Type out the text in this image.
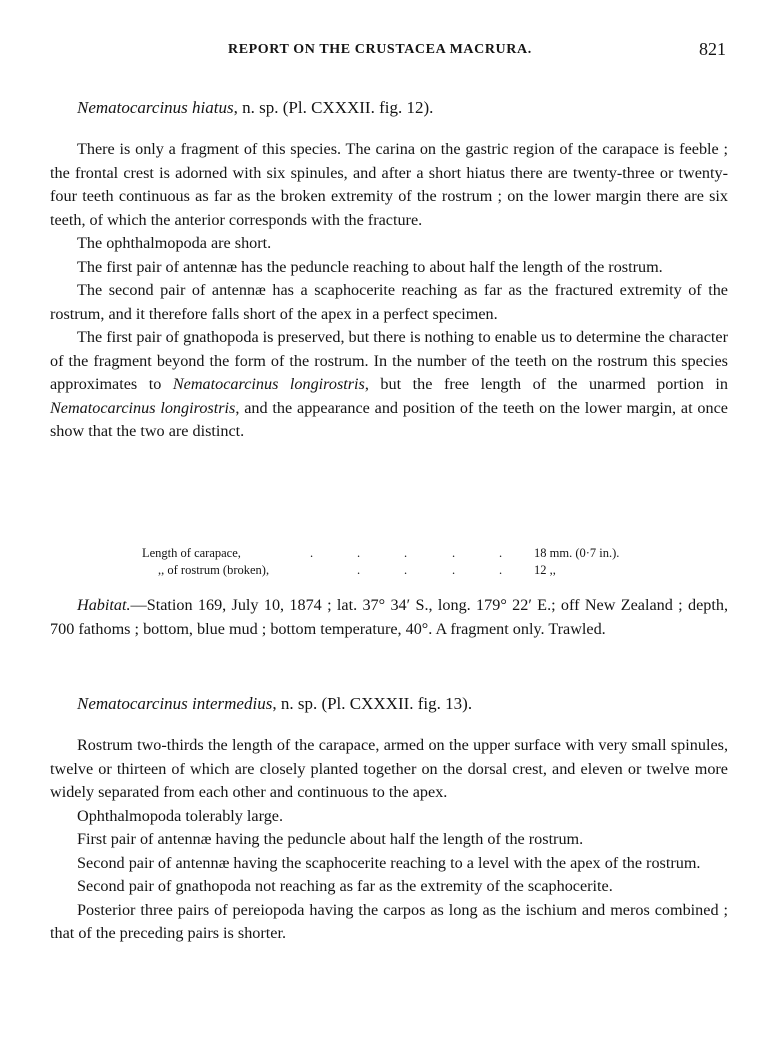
REPORT ON THE CRUSTACEA MACRURA.	821
Nematocarcinus hiatus, n. sp. (Pl. CXXXII. fig. 12).

There is only a fragment of this species. The carina on the gastric region of the carapace is feeble ; the frontal crest is adorned with six spinules, and after a short hiatus there are twenty-three or twenty-four teeth continuous as far as the broken extremity of the rostrum ; on the lower margin there are six teeth, of which the anterior corresponds with the fracture.

The ophthalmopoda are short.

The first pair of antennæ has the peduncle reaching to about half the length of the rostrum.

The second pair of antennæ has a scaphocerite reaching as far as the fractured extremity of the rostrum, and it therefore falls short of the apex in a perfect specimen.

The first pair of gnathopoda is preserved, but there is nothing to enable us to determine the character of the fragment beyond the form of the rostrum. In the number of the teeth on the rostrum this species approximates to Nematocarcinus longirostris, but the free length of the unarmed portion in Nematocarcinus longirostris, and the appearance and position of the teeth on the lower margin, at once show that the two are distinct.

Length of carapace,	.	.	.	.	.	18 mm. (0·7 in.).
,, of rostrum (broken),	.	.	.	.	12 ,,

Habitat.—Station 169, July 10, 1874 ; lat. 37° 34′ S., long. 179° 22′ E.; off New Zealand ; depth, 700 fathoms ; bottom, blue mud ; bottom temperature, 40°. A fragment only. Trawled.

Nematocarcinus intermedius, n. sp. (Pl. CXXXII. fig. 13).

Rostrum two-thirds the length of the carapace, armed on the upper surface with very small spinules, twelve or thirteen of which are closely planted together on the dorsal crest, and eleven or twelve more widely separated from each other and continuous to the apex.

Ophthalmopoda tolerably large.

First pair of antennæ having the peduncle about half the length of the rostrum.

Second pair of antennæ having the scaphocerite reaching to a level with the apex of the rostrum.

Second pair of gnathopoda not reaching as far as the extremity of the scaphocerite.

Posterior three pairs of pereiopoda having the carpos as long as the ischium and meros combined ; that of the preceding pairs is shorter.
